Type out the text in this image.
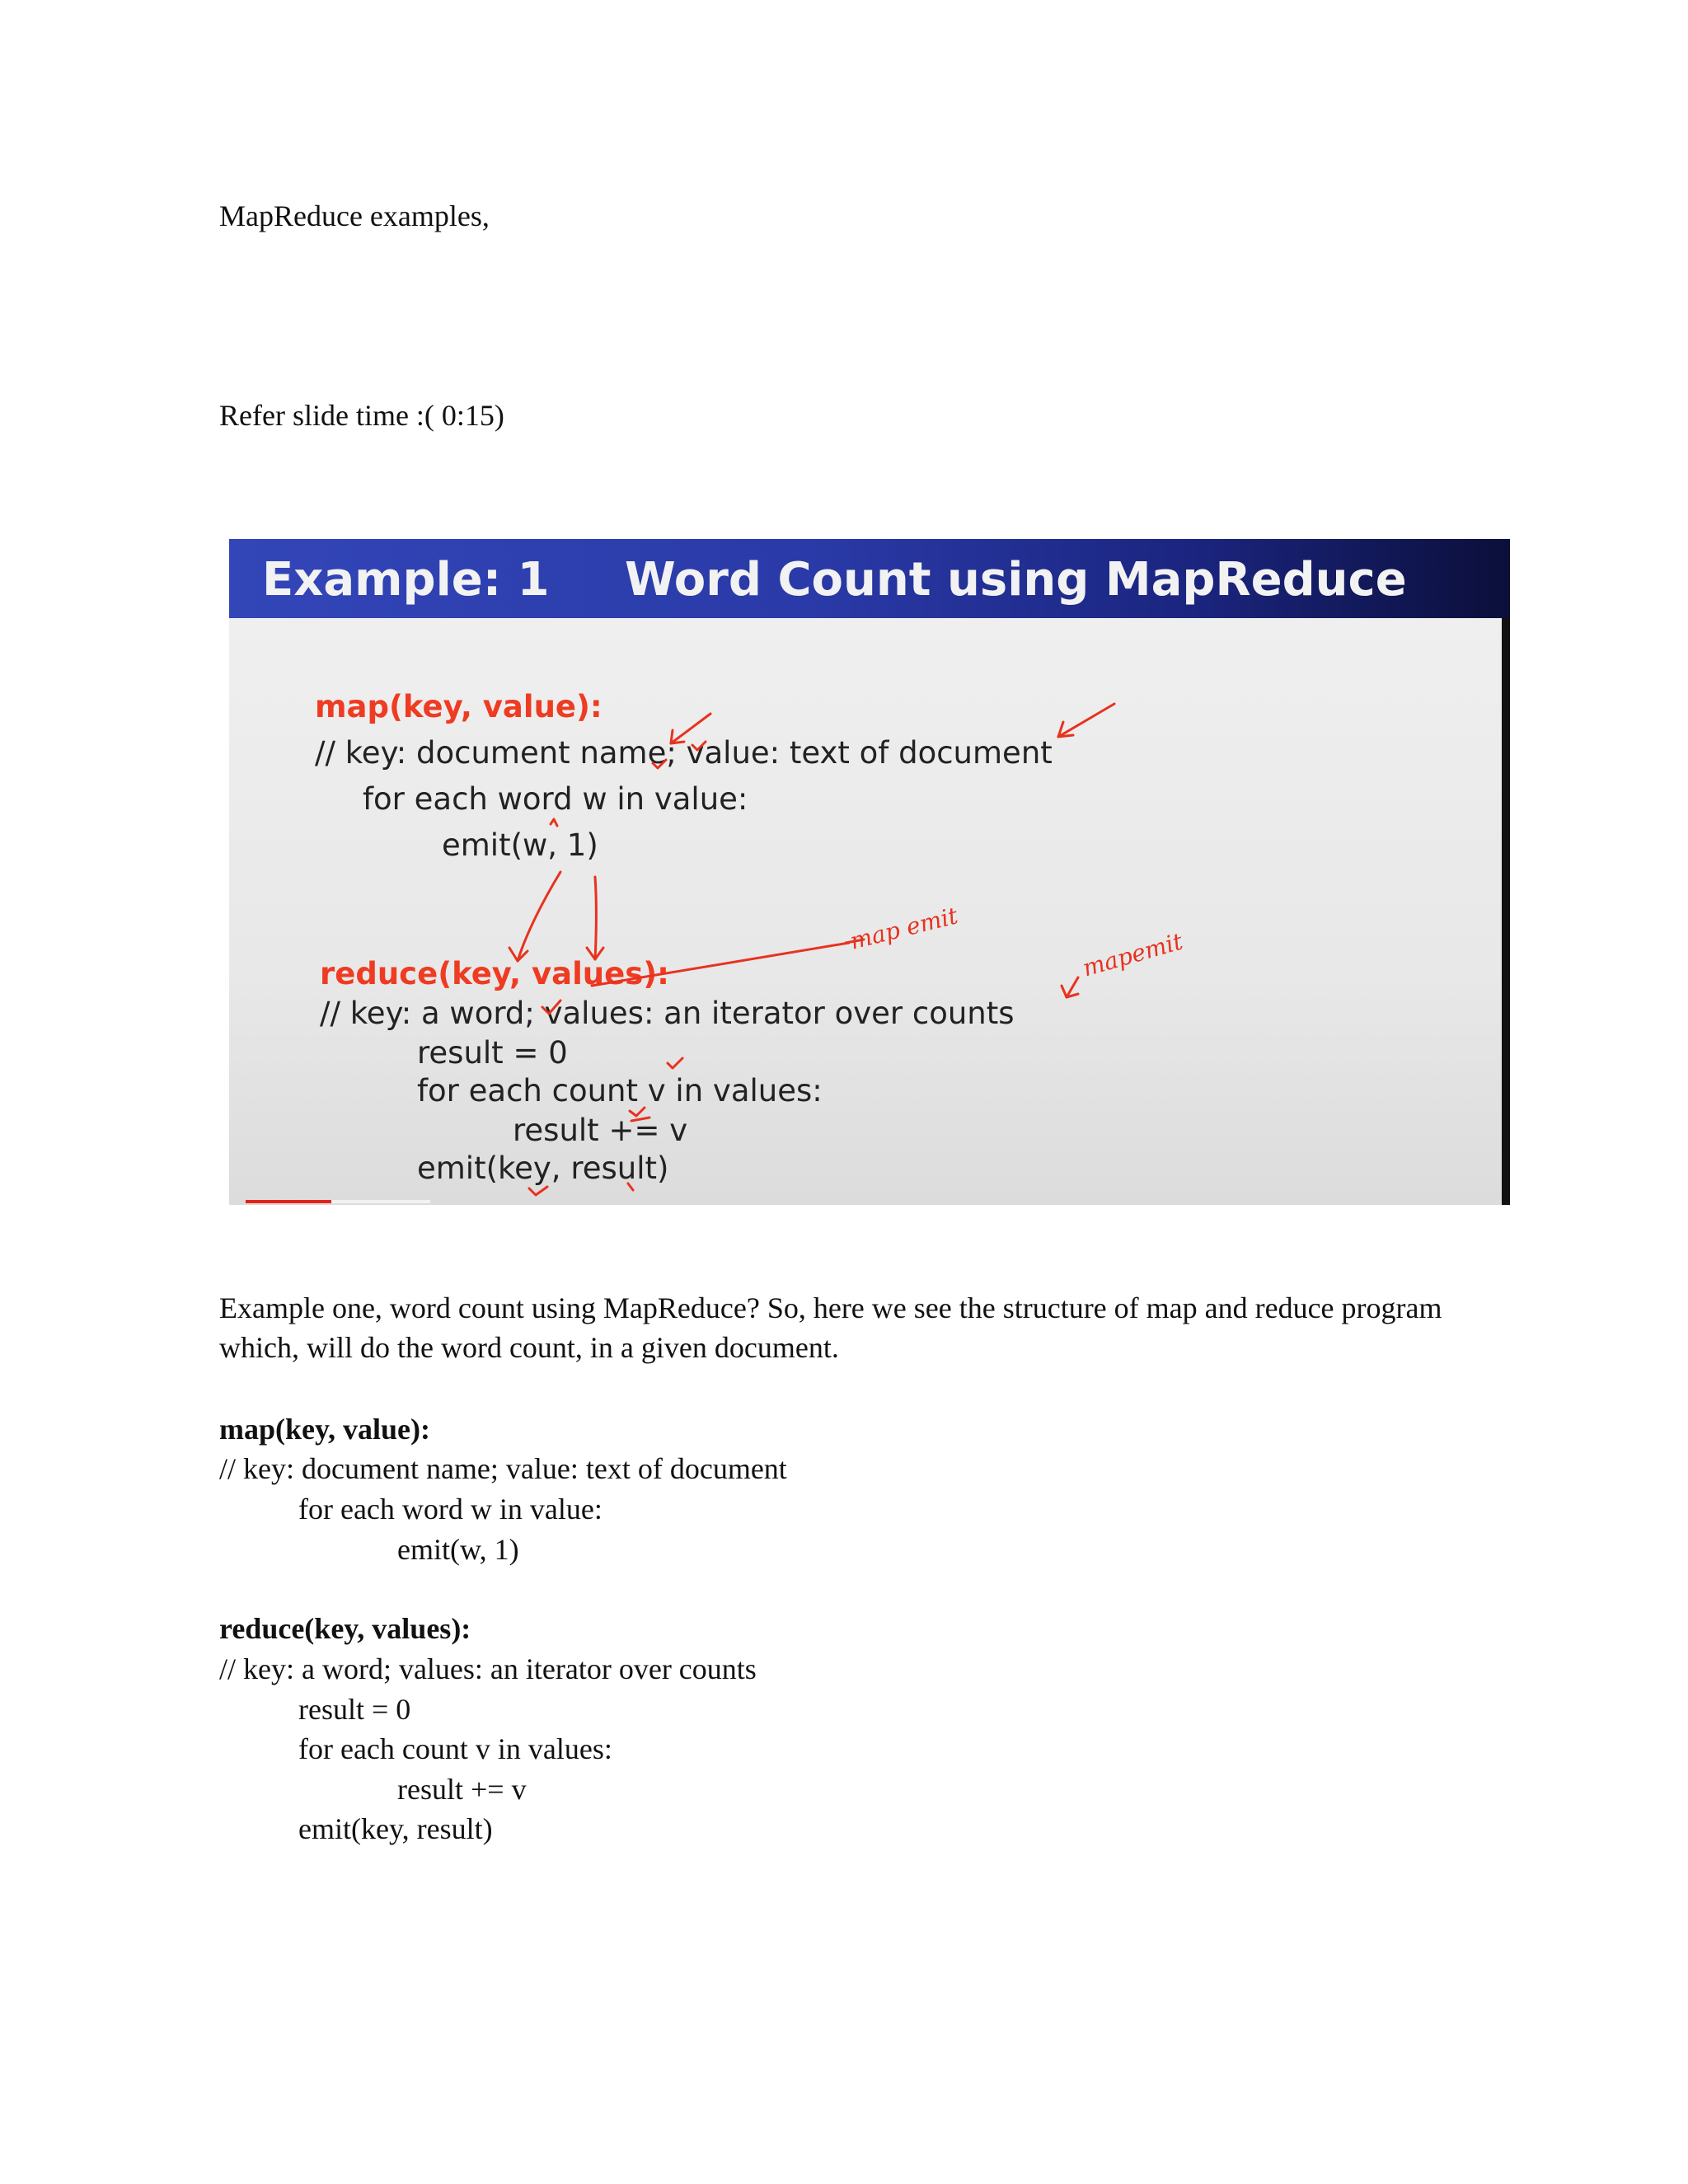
MapReduce examples,
Refer slide time :( 0:15)
Example: 1 Word Count using MapReduce
map(key, value):
// key: document name; value: text of document
for each word w in value:
emit(w, 1)
reduce(key, values):
// key: a word; values: an iterator over counts
result = 0
for each count v in values:
result += v
emit(key, result)
map emit	mapemit
Example one, word count using MapReduce? So, here we see the structure of map and reduce program which, will do the word count, in a given document.
map(key, value):
// key: document name; value: text of document
for each word w in value:
emit(w, 1)
reduce(key, values):
// key: a word; values: an iterator over counts
result = 0
for each count v in values:
result += v
emit(key, result)
